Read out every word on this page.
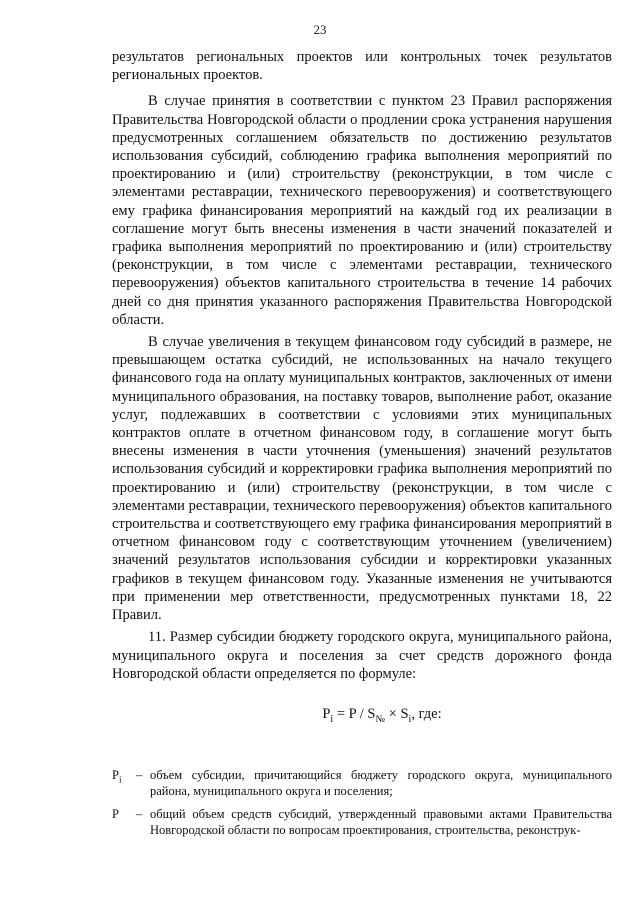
23

результатов региональных проектов или контрольных точек результатов региональных проектов.

В случае принятия в соответствии с пунктом 23 Правил распоряжения Правительства Новгородской области о продлении срока устранения нарушения предусмотренных соглашением обязательств по достижению результатов использования субсидий, соблюдению графика выполнения мероприятий по проектированию и (или) строительству (реконструкции, в том числе с элементами реставрации, технического перевооружения) и соответствующего ему графика финансирования мероприятий на каждый год их реализации в соглашение могут быть внесены изменения в части значений показателей и графика выполнения мероприятий по проектированию и (или) строительству (реконструкции, в том числе с элементами реставрации, технического перевооружения) объектов капитального строительства в течение 14 рабочих дней со дня принятия указанного распоряжения Правительства Новгородской области.

В случае увеличения в текущем финансовом году субсидий в размере, не превышающем остатка субсидий, не использованных на начало текущего финансового года на оплату муниципальных контрактов, заключенных от имени муниципального образования, на поставку товаров, выполнение работ, оказание услуг, подлежавших в соответствии с условиями этих муниципальных контрактов оплате в отчетном финансовом году, в соглашение могут быть внесены изменения в части уточнения (уменьшения) значений результатов использования субсидий и корректировки графика выполнения мероприятий по проектированию и (или) строительству (реконструкции, в том числе с элементами реставрации, технического перевооружения) объектов капитального строительства и соответствующего ему графика финансирования мероприятий в отчетном финансовом году с соответствующим уточнением (увеличением) значений результатов использования субсидии и корректировки указанных графиков в текущем финансовом году. Указанные изменения не учитываются при применении мер ответственности, предусмотренных пунктами 18, 22 Правил.

11. Размер субсидии бюджету городского округа, муниципального района, муниципального округа и поселения за счет средств дорожного фонда Новгородской области определяется по формуле:

$P_i = P / S_№ \times S_i$, где:
$P_i$	– объем субсидии, причитающийся бюджету городского округа, муниципального района, муниципального округа и поселения;
P	– общий объем средств субсидий, утвержденный правовыми актами Правительства Новгородской области по вопросам проектирования, строительства, реконструк-
